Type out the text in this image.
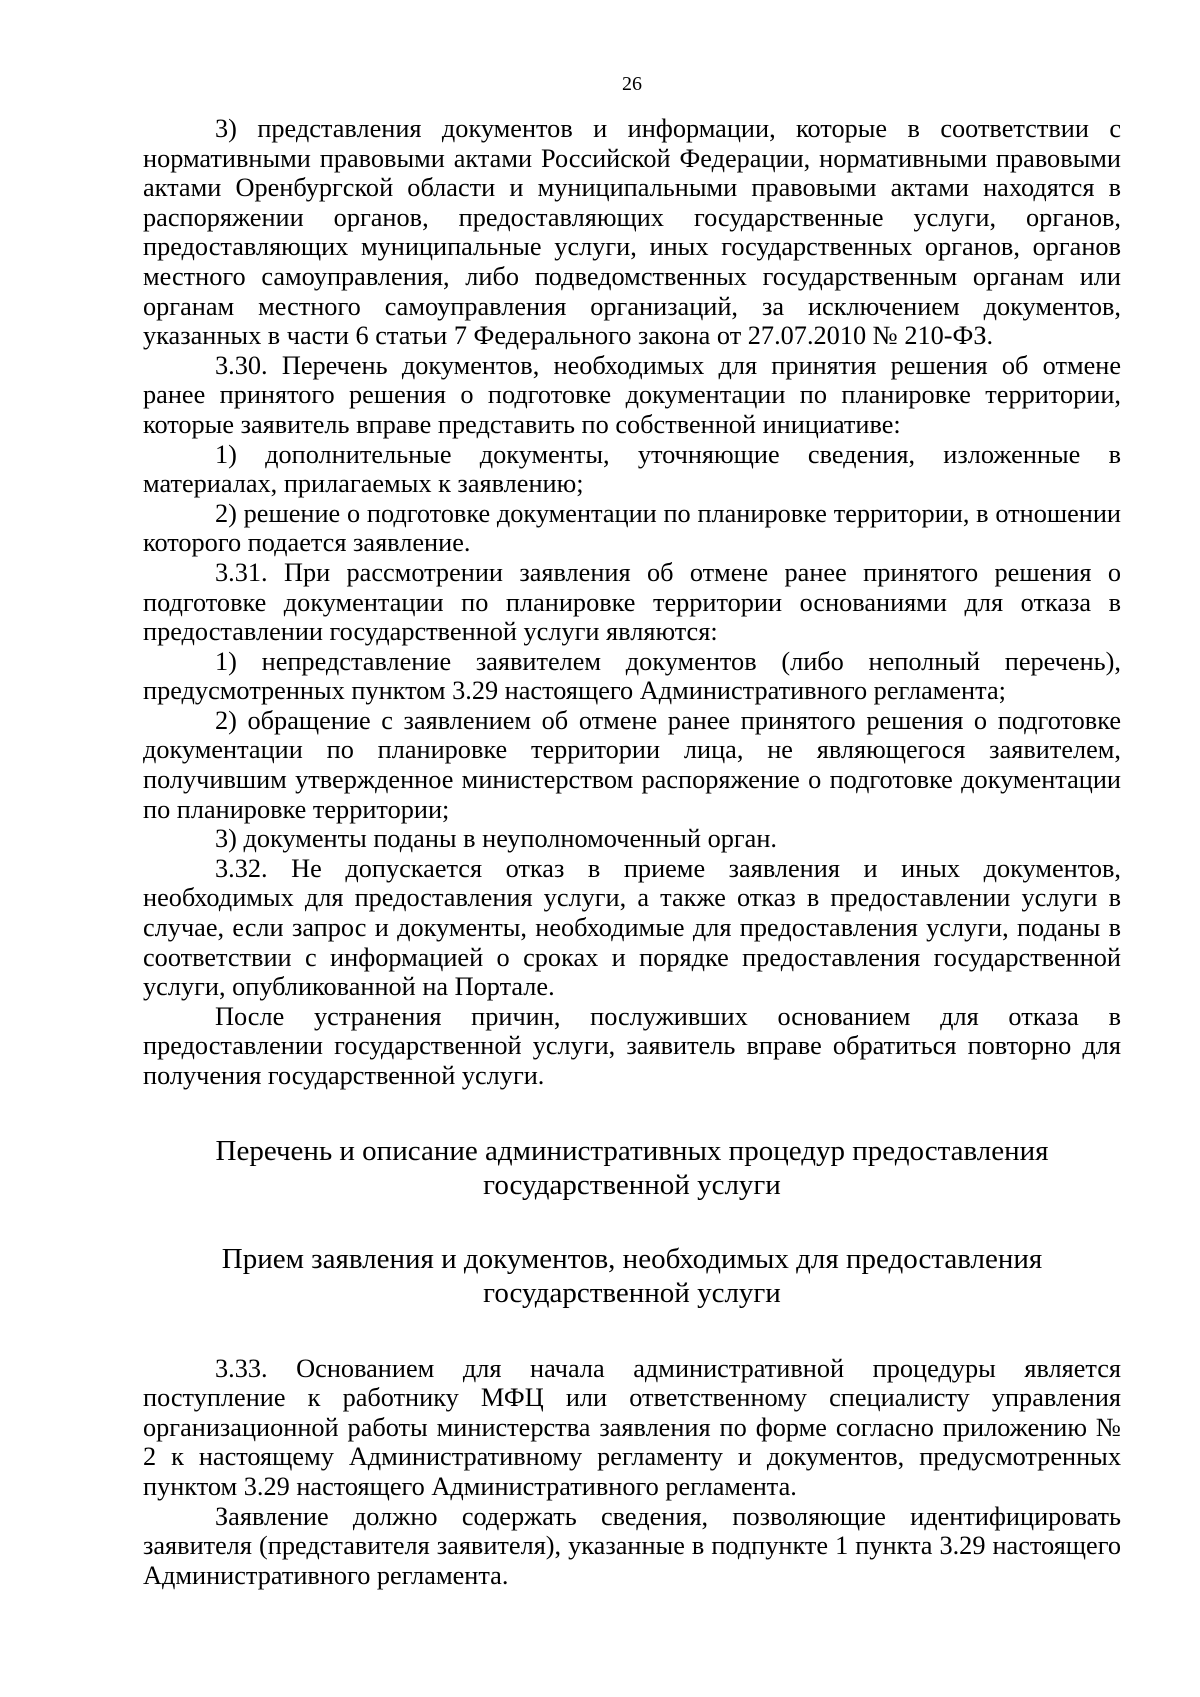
26

3) представления документов и информации, которые в соответствии с нормативными правовыми актами Российской Федерации, нормативными правовыми актами Оренбургской области и муниципальными правовыми актами находятся в распоряжении органов, предоставляющих государственные услуги, органов, предоставляющих муниципальные услуги, иных государственных органов, органов местного самоуправления, либо подведомственных государственным органам или органам местного самоуправления организаций, за исключением документов, указанных в части 6 статьи 7 Федерального закона от 27.07.2010 № 210-ФЗ.

3.30. Перечень документов, необходимых для принятия решения об отмене ранее принятого решения о подготовке документации по планировке территории, которые заявитель вправе представить по собственной инициативе:

1) дополнительные документы, уточняющие сведения, изложенные в материалах, прилагаемых к заявлению;

2) решение о подготовке документации по планировке территории, в отношении которого подается заявление.

3.31. При рассмотрении заявления об отмене ранее принятого решения о подготовке документации по планировке территории основаниями для отказа в предоставлении государственной услуги являются:

1) непредставление заявителем документов (либо неполный перечень), предусмотренных пунктом 3.29 настоящего Административного регламента;

2) обращение с заявлением об отмене ранее принятого решения о подготовке документации по планировке территории лица, не являющегося заявителем, получившим утвержденное министерством распоряжение о подготовке документации по планировке территории;

3) документы поданы в неуполномоченный орган.

3.32. Не допускается отказ в приеме заявления и иных документов, необходимых для предоставления услуги, а также отказ в предоставлении услуги в случае, если запрос и документы, необходимые для предоставления услуги, поданы в соответствии с информацией о сроках и порядке предоставления государственной услуги, опубликованной на Портале.

После устранения причин, послуживших основанием для отказа в предоставлении государственной услуги, заявитель вправе обратиться повторно для получения государственной услуги.

Перечень и описание административных процедур предоставления государственной услуги

Прием заявления и документов, необходимых для предоставления государственной услуги

3.33. Основанием для начала административной процедуры является поступление к работнику МФЦ или ответственному специалисту управления организационной работы министерства заявления по форме согласно приложению № 2 к настоящему Административному регламенту и документов, предусмотренных пунктом 3.29 настоящего Административного регламента.

Заявление должно содержать сведения, позволяющие идентифицировать заявителя (представителя заявителя), указанные в подпункте 1 пункта 3.29 настоящего Административного регламента.
